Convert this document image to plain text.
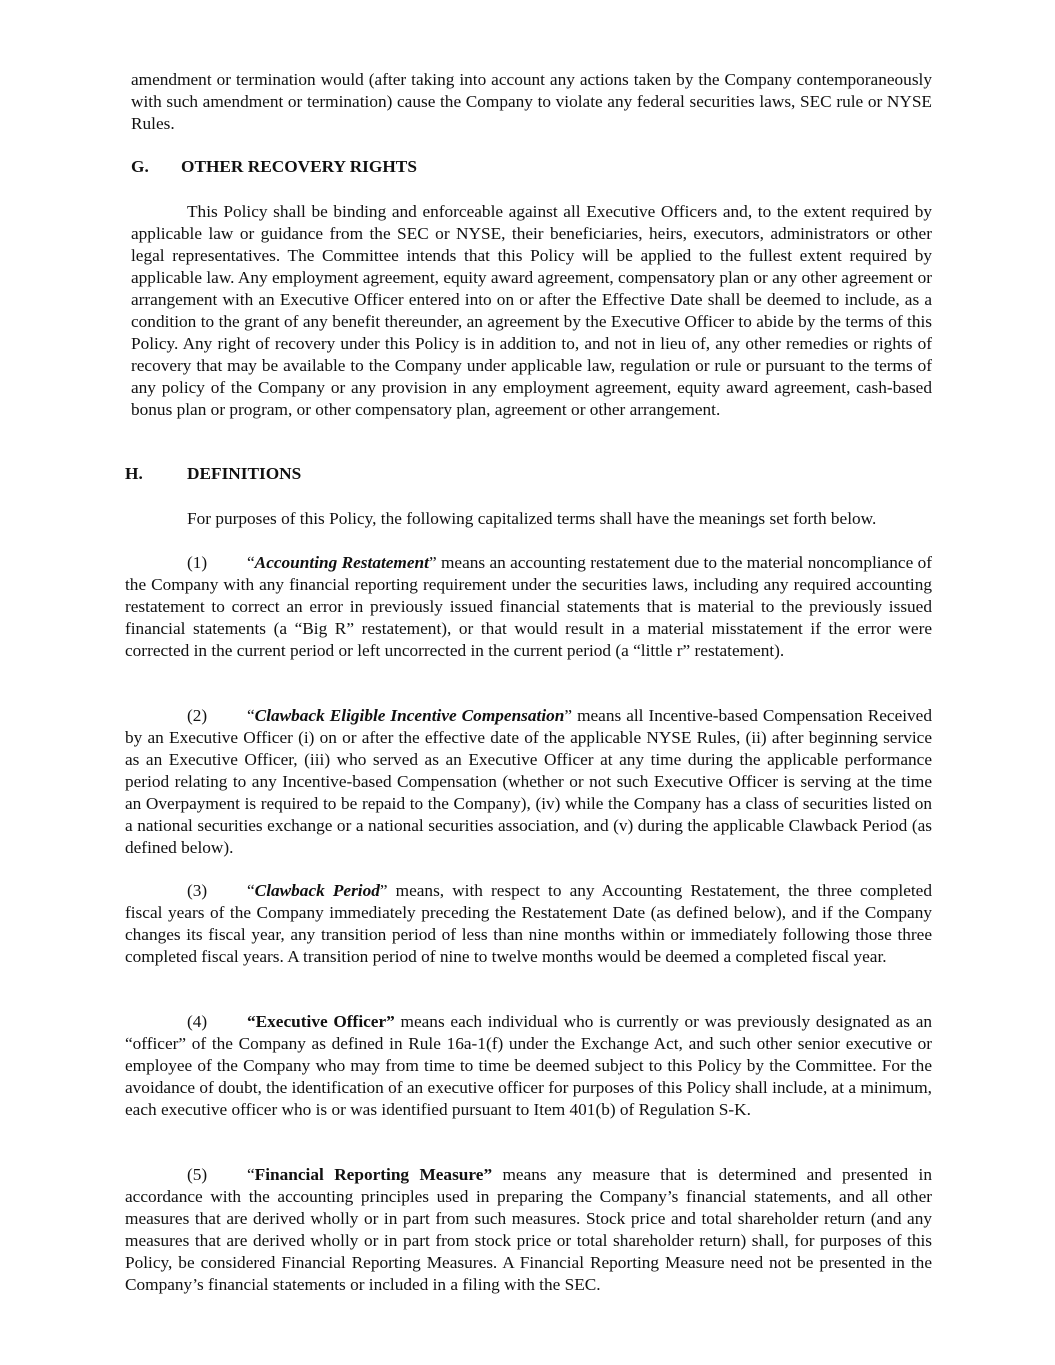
amendment or termination would (after taking into account any actions taken by the Company contemporaneously with such amendment or termination) cause the Company to violate any federal securities laws, SEC rule or NYSE Rules.

G. OTHER RECOVERY RIGHTS

This Policy shall be binding and enforceable against all Executive Officers and, to the extent required by applicable law or guidance from the SEC or NYSE, their beneficiaries, heirs, executors, administrators or other legal representatives. The Committee intends that this Policy will be applied to the fullest extent required by applicable law. Any employment agreement, equity award agreement, compensatory plan or any other agreement or arrangement with an Executive Officer entered into on or after the Effective Date shall be deemed to include, as a condition to the grant of any benefit thereunder, an agreement by the Executive Officer to abide by the terms of this Policy. Any right of recovery under this Policy is in addition to, and not in lieu of, any other remedies or rights of recovery that may be available to the Company under applicable law, regulation or rule or pursuant to the terms of any policy of the Company or any provision in any employment agreement, equity award agreement, cash-based bonus plan or program, or other compensatory plan, agreement or other arrangement.

H.	DEFINITIONS

For purposes of this Policy, the following capitalized terms shall have the meanings set forth below.

(1) “Accounting Restatement” means an accounting restatement due to the material noncompliance of the Company with any financial reporting requirement under the securities laws, including any required accounting restatement to correct an error in previously issued financial statements that is material to the previously issued financial statements (a “Big R” restatement), or that would result in a material misstatement if the error were corrected in the current period or left uncorrected in the current period (a “little r” restatement).

(2) “Clawback Eligible Incentive Compensation” means all Incentive-based Compensation Received by an Executive Officer (i) on or after the effective date of the applicable NYSE Rules, (ii) after beginning service as an Executive Officer, (iii) who served as an Executive Officer at any time during the applicable performance period relating to any Incentive-based Compensation (whether or not such Executive Officer is serving at the time an Overpayment is required to be repaid to the Company), (iv) while the Company has a class of securities listed on a national securities exchange or a national securities association, and (v) during the applicable Clawback Period (as defined below).

(3) “Clawback Period” means, with respect to any Accounting Restatement, the three completed fiscal years of the Company immediately preceding the Restatement Date (as defined below), and if the Company changes its fiscal year, any transition period of less than nine months within or immediately following those three completed fiscal years. A transition period of nine to twelve months would be deemed a completed fiscal year.

(4) “Executive Officer” means each individual who is currently or was previously designated as an “officer” of the Company as defined in Rule 16a-1(f) under the Exchange Act, and such other senior executive or employee of the Company who may from time to time be deemed subject to this Policy by the Committee. For the avoidance of doubt, the identification of an executive officer for purposes of this Policy shall include, at a minimum, each executive officer who is or was identified pursuant to Item 401(b) of Regulation S-K.

(5) “Financial Reporting Measure” means any measure that is determined and presented in accordance with the accounting principles used in preparing the Company’s financial statements, and all other measures that are derived wholly or in part from such measures. Stock price and total shareholder return (and any measures that are derived wholly or in part from stock price or total shareholder return) shall, for purposes of this Policy, be considered Financial Reporting Measures. A Financial Reporting Measure need not be presented in the Company’s financial statements or included in a filing with the SEC.
